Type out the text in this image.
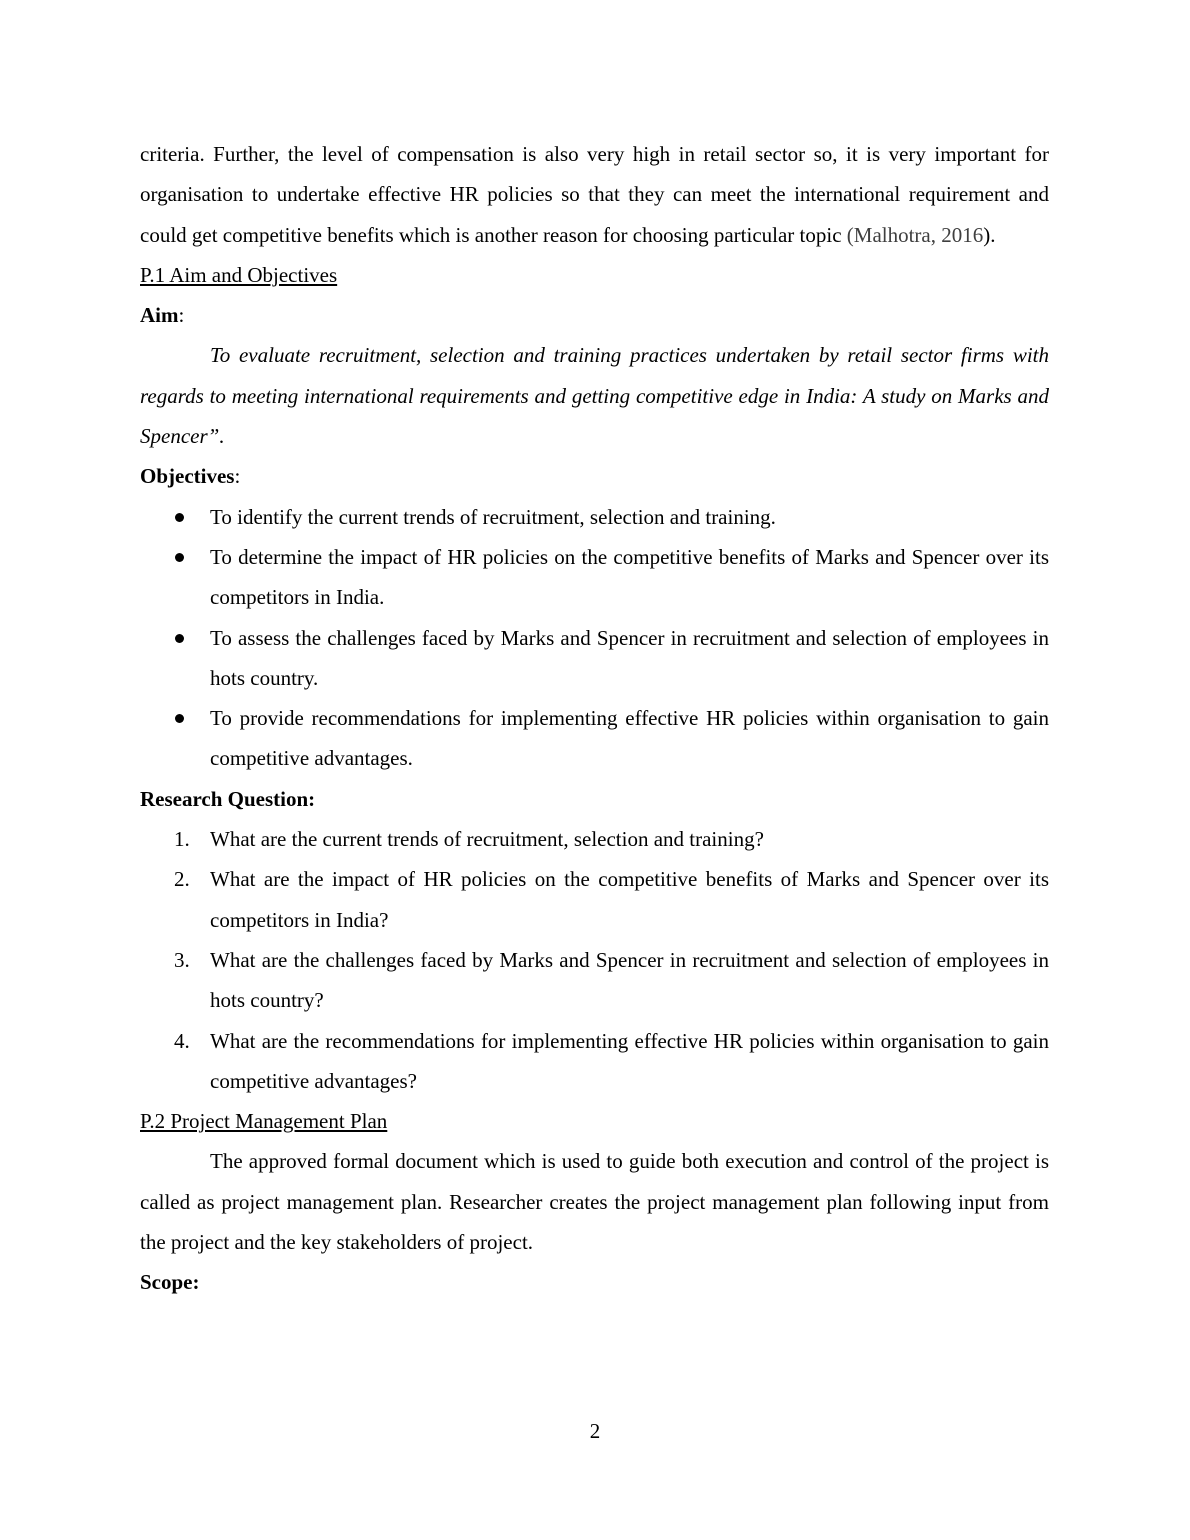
criteria. Further, the level of compensation is also very high in retail sector so, it is very important for organisation to undertake effective HR policies so that they can meet the international requirement and could get competitive benefits which is another reason for choosing particular topic (Malhotra, 2016).

P.1 Aim and Objectives

Aim:

To evaluate recruitment, selection and training practices undertaken by retail sector firms with regards to meeting international requirements and getting competitive edge in India: A study on Marks and Spencer”.

Objectives:

To identify the current trends of recruitment, selection and training.
To determine the impact of HR policies on the competitive benefits of Marks and Spencer over its competitors in India.
To assess the challenges faced by Marks and Spencer in recruitment and selection of employees in hots country.
To provide recommendations for implementing effective HR policies within organisation to gain competitive advantages.

Research Question:

1. What are the current trends of recruitment, selection and training?
2. What are the impact of HR policies on the competitive benefits of Marks and Spencer over its competitors in India?
3. What are the challenges faced by Marks and Spencer in recruitment and selection of employees in hots country?
4. What are the recommendations for implementing effective HR policies within organisation to gain competitive advantages?

P.2 Project Management Plan

The approved formal document which is used to guide both execution and control of the project is called as project management plan. Researcher creates the project management plan following input from the project and the key stakeholders of project.

Scope:

2
